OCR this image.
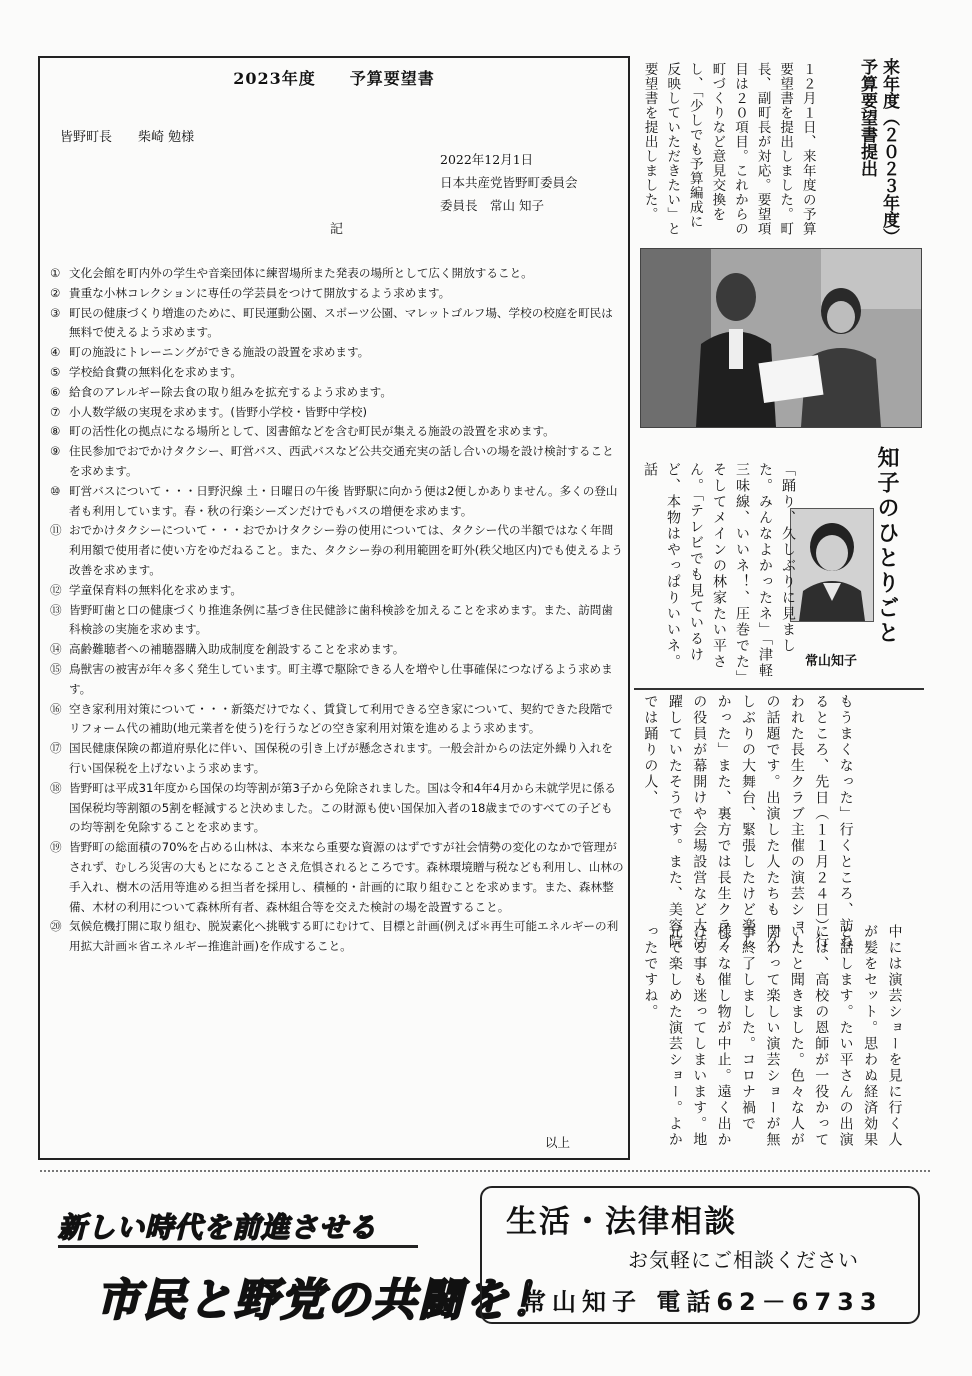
2023年度　　予算要望書
皆野町長　　柴崎 勉様
2022年12月1日
日本共産党皆野町委員会
委員長　常山 知子
記
① 文化会館を町内外の学生や音楽団体に練習場所また発表の場所として広く開放すること。
② 貴重な小林コレクションに専任の学芸員をつけて開放するよう求めます。
③ 町民の健康づくり増進のために、町民運動公園、スポーツ公園、マレットゴルフ場、学校の校庭を町民は無料で使えるよう求めます。
④ 町の施設にトレーニングができる施設の設置を求めます。
⑤ 学校給食費の無料化を求めます。
⑥ 給食のアレルギー除去食の取り組みを拡充するよう求めます。
⑦ 小人数学級の実現を求めます。(皆野小学校・皆野中学校)
⑧ 町の活性化の拠点になる場所として、図書館などを含む町民が集える施設の設置を求めます。
⑨ 住民参加でおでかけタクシー、町営バス、西武バスなど公共交通充実の話し合いの場を設け検討することを求めます。
⑩ 町営バスについて・・・日野沢線 土・日曜日の午後 皆野駅に向かう便は2便しかありません。多くの登山者も利用しています。春・秋の行楽シーズンだけでもバスの増便を求めます。
⑪ おでかけタクシーについて・・・おでかけタクシー券の使用については、タクシー代の半額ではなく年間利用額で使用者に使い方をゆだねること。また、タクシー券の利用範囲を町外(秩父地区内)でも使えるよう改善を求めます。
⑫ 学童保育料の無料化を求めます。
⑬ 皆野町歯と口の健康づくり推進条例に基づき住民健診に歯科検診を加えることを求めます。また、訪問歯科検診の実施を求めます。
⑭ 高齢難聴者への補聴器購入助成制度を創設することを求めます。
⑮ 鳥獣害の被害が年々多く発生しています。町主導で駆除できる人を増やし仕事確保につなげるよう求めます。
⑯ 空き家利用対策について・・・新築だけでなく、賃貸して利用できる空き家について、契約できた段階でリフォーム代の補助(地元業者を使う)を行うなどの空き家利用対策を進めるよう求めます。
⑰ 国民健康保険の都道府県化に伴い、国保税の引き上げが懸念されます。一般会計からの法定外繰り入れを行い国保税を上げないよう求めます。
⑱ 皆野町は平成31年度から国保の均等割が第3子から免除されました。国は令和4年4月から未就学児に係る国保税均等割額の5割を軽減すると決めました。この財源も使い国保加入者の18歳までのすべての子どもの均等割を免除することを求めます。
⑲ 皆野町の総面積の70%を占める山林は、本来なら重要な資源のはずですが社会情勢の変化のなかで管理がされず、むしろ災害の大もとになることさえ危惧されるところです。森林環境贈与税なども利用し、山林の手入れ、樹木の活用等進める担当者を採用し、積極的・計画的に取り組むことを求めます。また、森林整備、木材の利用について森林所有者、森林組合等を交えた検討の場を設置すること。
⑳ 気候危機打開に取り組む、脱炭素化へ挑戦する町にむけて、目標と計画(例えば＊再生可能エネルギーの利用拡大計画＊省エネルギー推進計画)を作成すること。
以上
来年度（２０２３年度）予算要望書提出
１２月１日、来年度の予算要望書を提出しました。町長、副町長が対応。要望項目は２０項目。これからの町づくりなど意見交換をし、「少しでも予算編成に反映していただきたい」と要望書を提出しました。
知子のひとりごと
常山知子
「踊り、久しぶりに見ました。みんなよかったネ」「津軽三味線、いいネ！、圧巻でた」そしてメインの林家たい平さん。「テレビでも見ているけど、本物はやっぱりいいネ。話
もうまくなった」行くところ、訪ねるところ、先日（１１月２４日）行われた長生クラブ主催の演芸ショーの話題です。出演した人たちも「久しぶりの大舞台、緊張したけど楽しかった」また、裏方では長生クラブの役員が幕開けや会場設営など大活躍していたそうです。また、美容院では踊りの人、
中には演芸ショーを見に行く人が髪をセット。思わぬ経済効果と話します。たい平さんの出演には、高校の恩師が一役かっていたと聞きました。色々な人が関わって楽しい演芸ショーが無事終了しました。コロナ禍で様々な催し物が中止。遠く出かける事も迷ってしまいます。地元で楽しめた演芸ショー。よかったですね。
新しい時代を前進させる
市民と野党の共闘を！
生活・法律相談
お気軽にご相談ください
常山知子 電話62－6733
